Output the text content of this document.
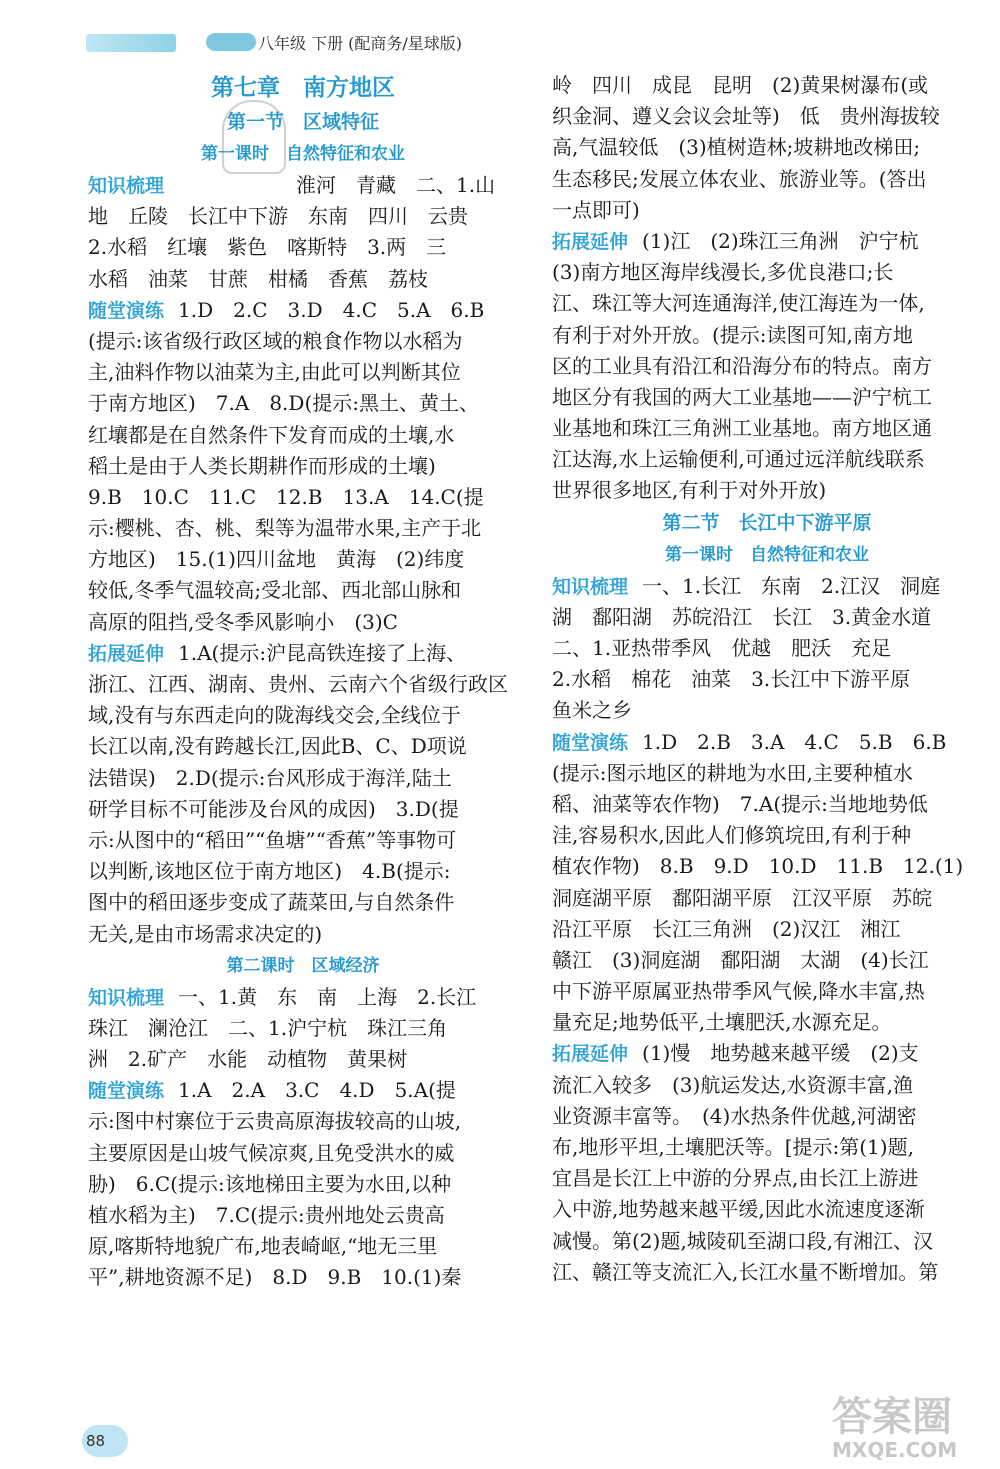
八年级 下册 (配商务/星球版)
第七章　南方地区
第一节　区域特征
第一课时　自然特征和农业
知识梳理	淮河　青藏　二、1.山
地　丘陵　长江中下游　东南　四川　云贵
2.水稻　红壤　紫色　喀斯特　3.两　三
水稻　油菜　甘蔗　柑橘　香蕉　荔枝
随堂演练 1.D　2.C　3.D　4.C　5.A　6.B
(提示:该省级行政区域的粮食作物以水稻为
主,油料作物以油菜为主,由此可以判断其位
于南方地区)　7.A　8.D(提示:黑土、黄土、
红壤都是在自然条件下发育而成的土壤,水
稻土是由于人类长期耕作而形成的土壤)
9.B　10.C　11.C　12.B　13.A　14.C(提
示:樱桃、杏、桃、梨等为温带水果,主产于北
方地区)　15.(1)四川盆地　黄海　(2)纬度
较低,冬季气温较高;受北部、西北部山脉和
高原的阻挡,受冬季风影响小　(3)C
拓展延伸 1.A(提示:沪昆高铁连接了上海、
浙江、江西、湖南、贵州、云南六个省级行政区
域,没有与东西走向的陇海线交会,全线位于
长江以南,没有跨越长江,因此B、C、D项说
法错误)　2.D(提示:台风形成于海洋,陆土
研学目标不可能涉及台风的成因)　3.D(提
示:从图中的“稻田”“鱼塘”“香蕉”等事物可
以判断,该地区位于南方地区)　4.B(提示:
图中的稻田逐步变成了蔬菜田,与自然条件
无关,是由市场需求决定的)
第二课时　区域经济
知识梳理 一、1.黄　东　南　上海　2.长江
珠江　澜沧江　二、1.沪宁杭　珠江三角
洲　2.矿产　水能　动植物　黄果树
随堂演练 1.A　2.A　3.C　4.D　5.A(提
示:图中村寨位于云贵高原海拔较高的山坡,
主要原因是山坡气候凉爽,且免受洪水的威
胁)　6.C(提示:该地梯田主要为水田,以种
植水稻为主)　7.C(提示:贵州地处云贵高
原,喀斯特地貌广布,地表崎岖,“地无三里
平”,耕地资源不足)　8.D　9.B　10.(1)秦
岭　四川　成昆　昆明　(2)黄果树瀑布(或
织金洞、遵义会议会址等)　低　贵州海拔较
高,气温较低　(3)植树造林;坡耕地改梯田;
生态移民;发展立体农业、旅游业等。(答出
一点即可)
拓展延伸 (1)江　(2)珠江三角洲　沪宁杭
(3)南方地区海岸线漫长,多优良港口;长
江、珠江等大河连通海洋,使江海连为一体,
有利于对外开放。(提示:读图可知,南方地
区的工业具有沿江和沿海分布的特点。南方
地区分有我国的两大工业基地——沪宁杭工
业基地和珠江三角洲工业基地。南方地区通
江达海,水上运输便利,可通过远洋航线联系
世界很多地区,有利于对外开放)
第二节　长江中下游平原
第一课时　自然特征和农业
知识梳理 一、1.长江　东南　2.江汉　洞庭
湖　鄱阳湖　苏皖沿江　长江　3.黄金水道
二、1.亚热带季风　优越　肥沃　充足
2.水稻　棉花　油菜　3.长江中下游平原
鱼米之乡
随堂演练 1.D　2.B　3.A　4.C　5.B　6.B
(提示:图示地区的耕地为水田,主要种植水
稻、油菜等农作物)　7.A(提示:当地地势低
洼,容易积水,因此人们修筑垸田,有利于种
植农作物)　8.B　9.D　10.D　11.B　12.(1)
洞庭湖平原　鄱阳湖平原　江汉平原　苏皖
沿江平原　长江三角洲　(2)汉江　湘江
赣江　(3)洞庭湖　鄱阳湖　太湖　(4)长江
中下游平原属亚热带季风气候,降水丰富,热
量充足;地势低平,土壤肥沃,水源充足。
拓展延伸 (1)慢　地势越来越平缓　(2)支
流汇入较多　(3)航运发达,水资源丰富,渔
业资源丰富等。　(4)水热条件优越,河湖密
布,地形平坦,土壤肥沃等。[提示:第(1)题,
宜昌是长江上中游的分界点,由长江上游进
入中游,地势越来越平缓,因此水流速度逐渐
减慢。第(2)题,城陵矶至湖口段,有湘江、汉
江、赣江等支流汇入,长江水量不断增加。第
88
答案圈
MXQE.COM
